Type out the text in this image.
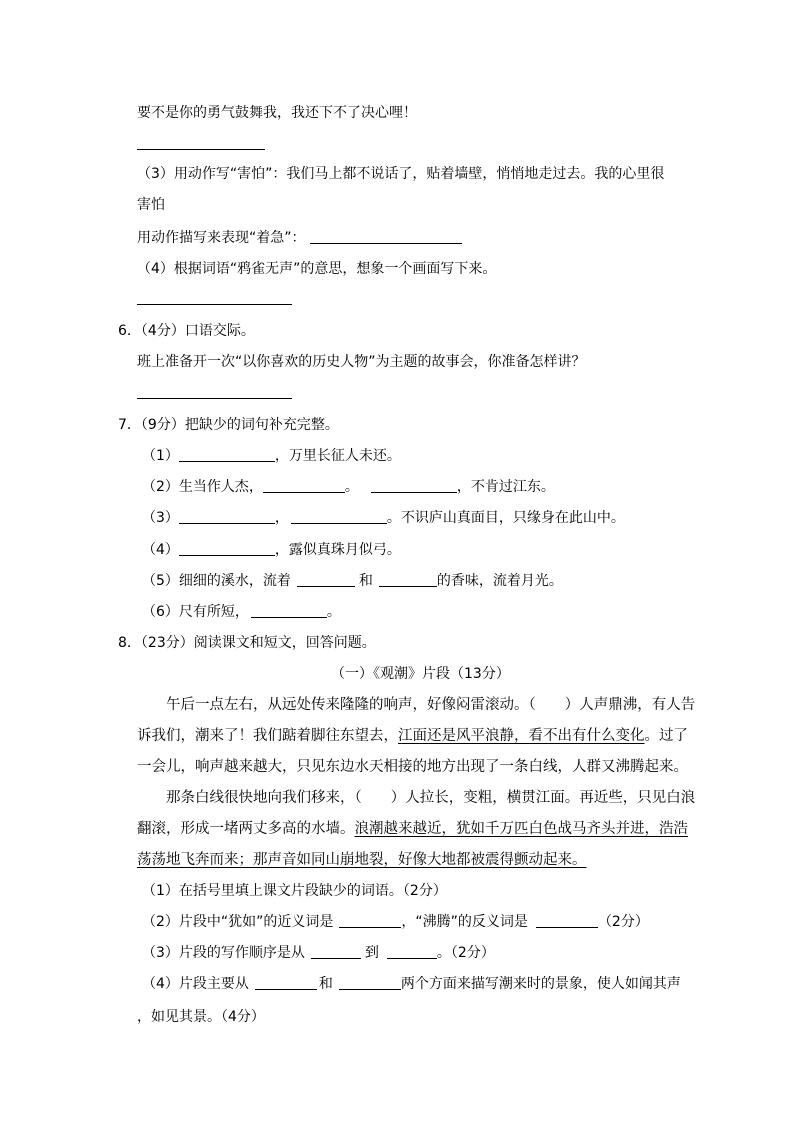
要不是你的勇气鼓舞我，我还下不了决心哩！
（3）用动作写“害怕”：我们马上都不说话了，贴着墙壁，悄悄地走过去。我的心里很
害怕
用动作描写来表现“着急”：
（4）根据词语“鸦雀无声”的意思，想象一个画面写下来。
6．（4分）口语交际。
班上准备开一次“以你喜欢的历史人物”为主题的故事会，你准备怎样讲？
7．（9分）把缺少的词句补充完整。
（1）	，万里长征人未还。
（2）生当作人杰，	。	，不肯过江东。
（3）	，	。不识庐山真面目，只缘身在此山中。
（4）	，露似真珠月似弓。
（5）细细的溪水，流着	和	的香味，流着月光。
（6）尺有所短，	。
8．（23分）阅读课文和短文，回答问题。
（一）《观潮》片段（13分）
午后一点左右，从远处传来隆隆的响声，好像闷雷滚动。（　　）人声鼎沸，有人告
诉我们，潮来了！我们踮着脚往东望去，江面还是风平浪静，看不出有什么变化。过了
一会儿，响声越来越大，只见东边水天相接的地方出现了一条白线，人群又沸腾起来。
那条白线很快地向我们移来，（　　）人拉长，变粗，横贯江面。再近些，只见白浪
翻滚，形成一堵两丈多高的水墙。浪潮越来越近，犹如千万匹白色战马齐头并进，浩浩
荡荡地飞奔而来；那声音如同山崩地裂，好像大地都被震得颤动起来。
（1）在括号里填上课文片段缺少的词语。（2分）
（2）片段中“犹如”的近义词是	，“沸腾”的反义词是	（2分）
（3）片段的写作顺序是从	到	。（2分）
（4）片段主要从	和	两个方面来描写潮来时的景象，使人如闻其声
，如见其景。（4分）
